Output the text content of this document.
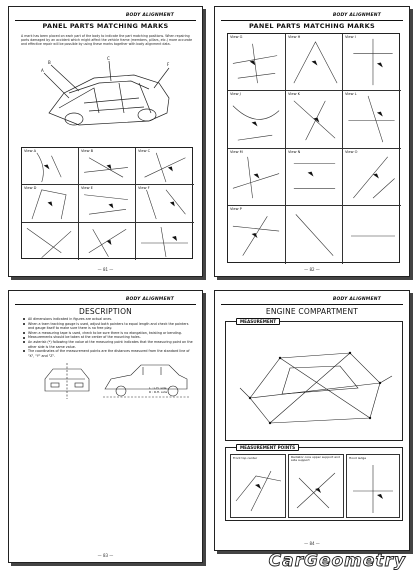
BODY ALIGNMENT
PANEL PARTS MATCHING MARKS
A mark has been placed on each part of the body to indicate the part matching positions. When repairing parts damaged by an accident which might affect the vehicle frame (members, pillars, etc.) more accurate and effective repair will be possible by using these marks together with body alignment data.
A
B	F
C
View A	View B	View C
View D	View E	View F
— 81 —
BODY ALIGNMENT
PANEL PARTS MATCHING MARKS
View G	View H	View I
View J	View K	View L
View M	View N	View O
View P
— 82 —
BODY ALIGNMENT
DESCRIPTION
All dimensions indicated in figures are actual ones.
When a tram tracking gauge is used, adjust both pointers to equal length and check the pointers and gauge itself to make sure there is no free play.
When a measuring tape is used, check to be sure there is no elongation, twisting or bending.
Measurements should be taken at the center of the mounting holes.
An asterisk (*) following the value at the measuring point indicates that the measuring point on the other side is the same value.
The coordinates of the measurement points are the distances measured from the standard line of "X", "Y" and "Z".
L : L.H. side
R : R.H. side
— 83 —
BODY ALIGNMENT
ENGINE COMPARTMENT
MEASUREMENT
MEASUREMENT POINTS
Front top center	Radiator core upper support and side support
Hood ledge
— 84 —
CarGeometry
